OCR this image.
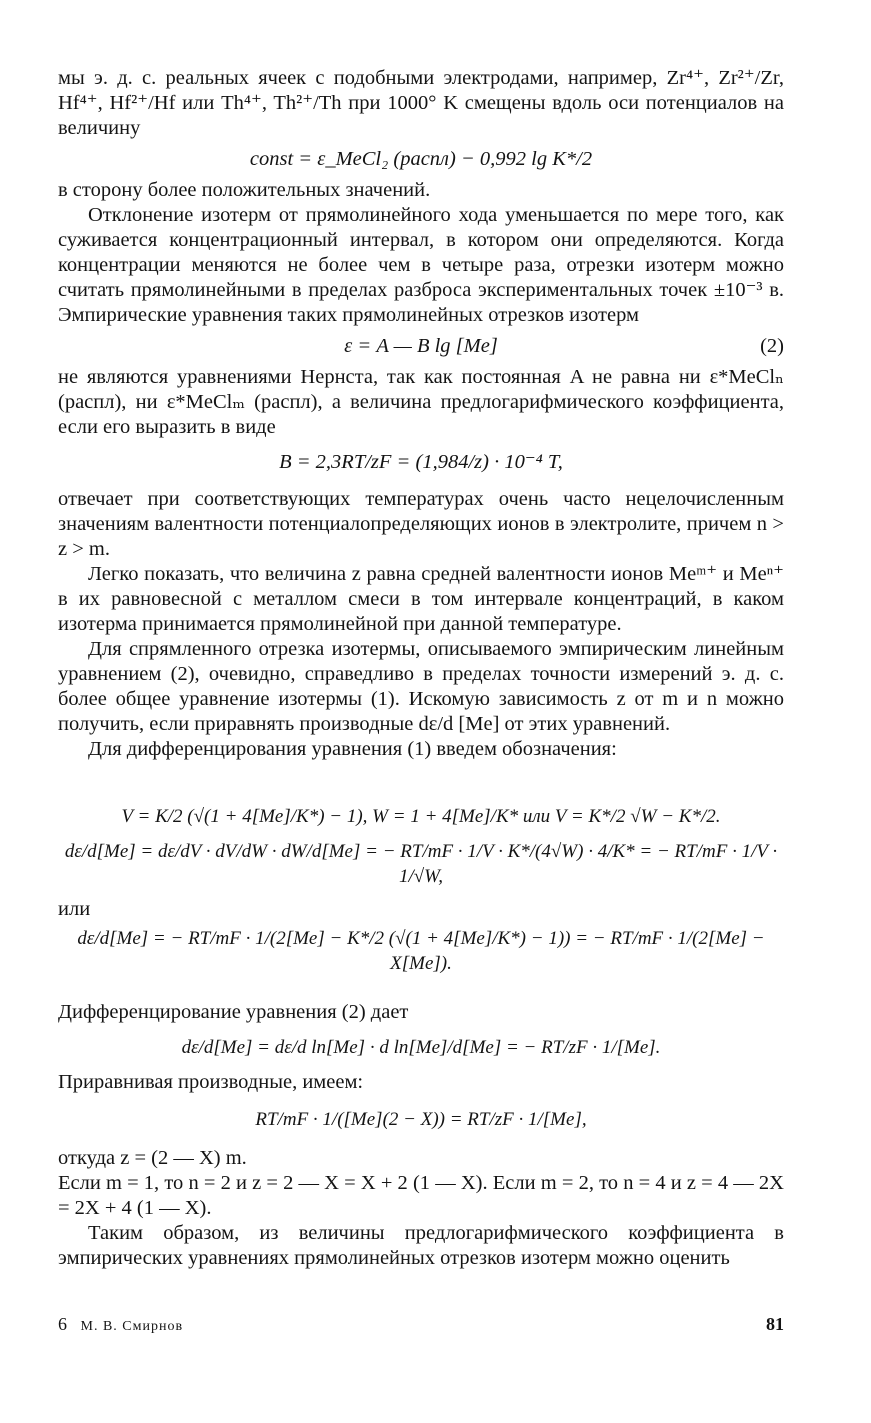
мы э. д. с. реальных ячеек с подобными электродами, например, Zr⁴⁺, Zr²⁺/Zr, Hf⁴⁺, Hf²⁺/Hf или Th⁴⁺, Th²⁺/Th при 1000° K смещены вдоль оси потенциалов на величину

const = ε_MeCl₂ (распл) − 0,992 lg K*/2

в сторону более положительных значений.

Отклонение изотерм от прямолинейного хода уменьшается по мере того, как суживается концентрационный интервал, в котором они определяются. Когда концентрации меняются не более чем в четыре раза, отрезки изотерм можно считать прямолинейными в пределах разброса экспериментальных точек ±10⁻³ в. Эмпирические уравнения таких прямолинейных отрезков изотерм

ε = A — B lg [Me]	(2)

не являются уравнениями Нернста, так как постоянная A не равна ни ε*MeClₙ (распл), ни ε*MeClₘ (распл), а величина предлогарифмического коэффициента, если его выразить в виде

B = 2,3RT/zF = (1,984/z) · 10⁻⁴ T,

отвечает при соответствующих температурах очень часто нецелочисленным значениям валентности потенциалопределяющих ионов в электролите, причем n > z > m.

Легко показать, что величина z равна средней валентности ионов Meᵐ⁺ и Meⁿ⁺ в их равновесной с металлом смеси в том интервале концентраций, в каком изотерма принимается прямолинейной при данной температуре.

Для спрямленного отрезка изотермы, описываемого эмпирическим линейным уравнением (2), очевидно, справедливо в пределах точности измерений э. д. с. более общее уравнение изотермы (1). Искомую зависимость z от m и n можно получить, если приравнять производные dε/d [Me] от этих уравнений.

Для дифференцирования уравнения (1) введем обозначения:

V = K/2 (√(1 + 4[Me]/K*) − 1), W = 1 + 4[Me]/K* или V = K*/2 √W − K*/2.
dε/d[Me] = dε/dV · dV/dW · dW/d[Me] = − RT/mF · 1/V · K*/(4√W) · 4/K* = − RT/mF · 1/V · 1/√W,
или
dε/d[Me] = − RT/mF · 1/(2[Me] − K*/2 (√(1 + 4[Me]/K*) − 1)) = − RT/mF · 1/(2[Me] − X[Me]).

Дифференцирование уравнения (2) дает

dε/d[Me] = dε/d ln[Me] · d ln[Me]/d[Me] = − RT/zF · 1/[Me].

Приравнивая производные, имеем:

RT/mF · 1/([Me](2 − X)) = RT/zF · 1/[Me],

откуда z = (2 — X) m.

Если m = 1, то n = 2 и z = 2 — X = X + 2 (1 — X). Если m = 2, то n = 4 и z = 4 — 2X = 2X + 4 (1 — X).

Таким образом, из величины предлогарифмического коэффициента в эмпирических уравнениях прямолинейных отрезков изотерм можно оценить

6 М. В. Смирнов	81
